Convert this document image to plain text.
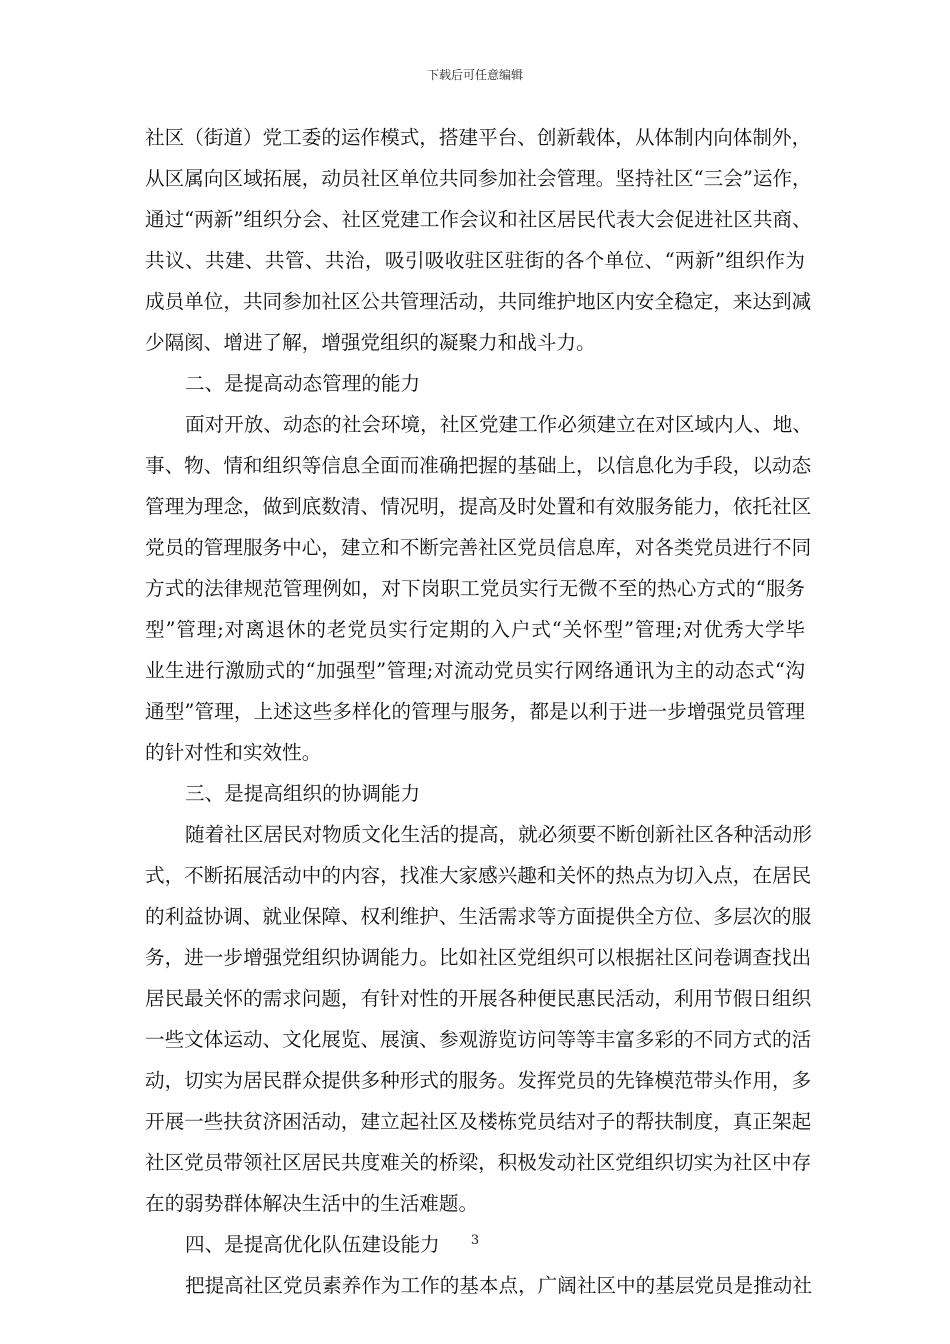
下载后可任意编辑
社区（街道）党工委的运作模式，搭建平台、创新载体，从体制内向体制外，
从区属向区域拓展，动员社区单位共同参加社会管理。坚持社区“三会”运作，
通过“两新”组织分会、社区党建工作会议和社区居民代表大会促进社区共商、
共议、共建、共管、共治，吸引吸收驻区驻街的各个单位、“两新”组织作为
成员单位，共同参加社区公共管理活动，共同维护地区内安全稳定，来达到减
少隔阂、增进了解，增强党组织的凝聚力和战斗力。
二、是提高动态管理的能力
面对开放、动态的社会环境，社区党建工作必须建立在对区域内人、地、
事、物、情和组织等信息全面而准确把握的基础上，以信息化为手段，以动态
管理为理念，做到底数清、情况明，提高及时处置和有效服务能力，依托社区
党员的管理服务中心，建立和不断完善社区党员信息库，对各类党员进行不同
方式的法律规范管理例如，对下岗职工党员实行无微不至的热心方式的“服务
型”管理;对离退休的老党员实行定期的入户式“关怀型”管理;对优秀大学毕
业生进行激励式的“加强型”管理;对流动党员实行网络通讯为主的动态式“沟
通型”管理，上述这些多样化的管理与服务，都是以利于进一步增强党员管理
的针对性和实效性。
三、是提高组织的协调能力
随着社区居民对物质文化生活的提高，就必须要不断创新社区各种活动形
式，不断拓展活动中的内容，找准大家感兴趣和关怀的热点为切入点，在居民
的利益协调、就业保障、权利维护、生活需求等方面提供全方位、多层次的服
务，进一步增强党组织协调能力。比如社区党组织可以根据社区问卷调查找出
居民最关怀的需求问题，有针对性的开展各种便民惠民活动，利用节假日组织
一些文体运动、文化展览、展演、参观游览访问等等丰富多彩的不同方式的活
动，切实为居民群众提供多种形式的服务。发挥党员的先锋模范带头作用，多
开展一些扶贫济困活动，建立起社区及楼栋党员结对子的帮扶制度，真正架起
社区党员带领社区居民共度难关的桥梁，积极发动社区党组织切实为社区中存
在的弱势群体解决生活中的生活难题。
四、是提高优化队伍建设能力
把提高社区党员素养作为工作的基本点，广阔社区中的基层党员是推动社
3
